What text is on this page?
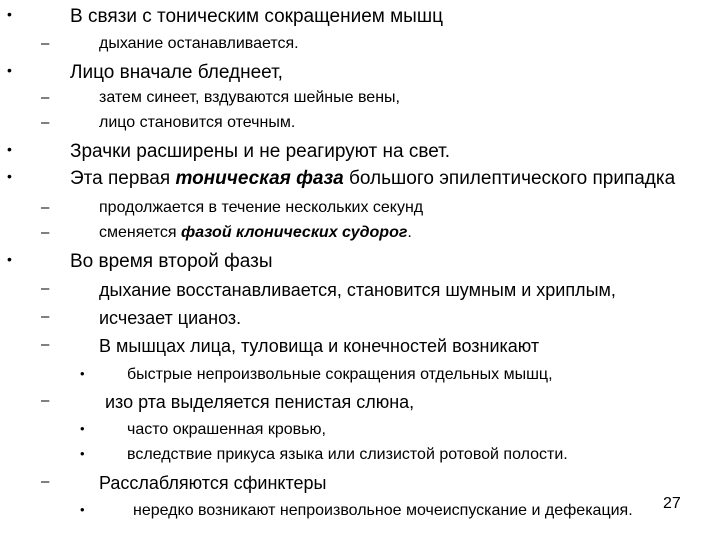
•	В связи с тоническим сокращением мышц
–	дыхание останавливается.
•	Лицо вначале бледнеет,
–	затем синеет, вздуваются шейные вены,
–	лицо становится отечным.
•	Зрачки расширены и не реагируют на свет.
•	Эта первая тоническая фаза большого эпилептического припадка
–	продолжается в течение нескольких секунд
–	сменяется фазой клонических судорог.
•	Во время второй фазы
–	дыхание восстанавливается, становится шумным и хриплым,
–	исчезает цианоз.
–	В мышцах лица, туловища и конечностей возникают
•	быстрые непроизвольные сокращения отдельных мышц,
–	изо рта выделяется пенистая слюна,
•	часто окрашенная кровью,
•	вследствие прикуса языка или слизистой ротовой полости.
–	Расслабляются сфинктеры
•	нередко возникают непроизвольное мочеиспускание и дефекация. 27
